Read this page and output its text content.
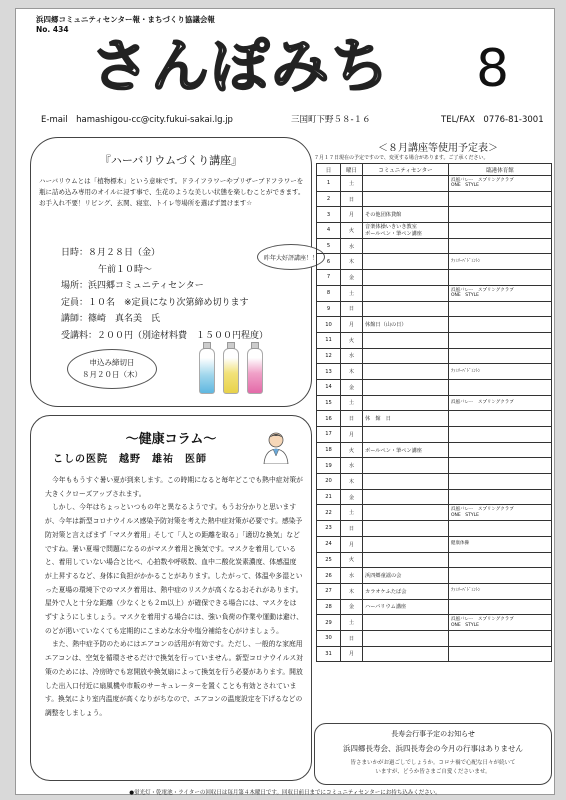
浜四郷コミュニティセンター報・まちづくり協議会報
No. 434
さんぽみち 8
E-mail　hamashigou-cc@city.fukui-sakai.lg.jp	三国町下野５８-１６	TEL/FAX　0776-81-3001
『ハーバリウムづくり講座』
ハーバリウムとは「植物標本」という意味です。ドライフラワーやプリザーブドフラワーを瓶に詰め込み専用のオイルに浸す事で、生花のような美しい状態を楽しむことができます。お手入れ不要！リビング、玄関、寝室、トイレ等場所を選ばず置けます☆
日時：８月２８日（金）
午前１０時〜
場所：浜四郷コミュニティセンター
定員：１０名　※定員になり次第締め切ります
講師：篠崎　真名美　氏
受講料：２００円（別途材料費　１５００円程度）
昨年大好評講座！！
申込み締切日
８月２０日（木）
〜健康コラム〜
こしの医院　越野　雄祐　医師

今年ももうすぐ暑い夏が到来します。この時期になると毎年どこでも熱中症対策が大きくクローズアップされます。

しかし、今年はちょっといつもの年と異なるようです。もうお分かりと思いますが、今年は新型コロナウイルス感染予防対策を考えた熱中症対策が必要です。感染予防対策と言えばまず「マスク着用」そして「人との距離を取る」「適切な換気」などですね。暑い夏場で問題になるのがマスク着用と換気です。マスクを着用していると、着用していない場合と比べ、心拍数や呼吸数、血中二酸化炭素濃度、体感温度が上昇するなど、身体に負担がかかることがあります。したがって、体温や多湿といった夏場の環境下でのマスク着用は、熱中症のリスクが高くなるおそれがあります。屋外で人と十分な距離（少なくとも２ｍ以上）が確保できる場合には、マスクをはずすようにしましょう。マスクを着用する場合には、強い負荷の作業や運動は避け、のどが渇いていなくても定期的にこまめな水分や塩分補給を心がけましょう。

また、熱中症予防のためにはエアコンの活用が有効です。ただし、一般的な家庭用エアコンは、空気を循環させるだけで換気を行っていません。新型コロナウイルス対策のためには、冷房時でも窓開放や換気扇によって換気を行う必要があります。開放した出入口付近に扇風機や市販のサーキュレーターを置くことも有効とされています。換気により室内温度が高くなりがちなので、エアコンの温度設定を下げるなどの調整をしましょう。

＜８月講座等使用予定表＞
７月１７日現在の予定ですので、変更する場合があります。ご了承ください。
日	曜日	コミュニティセンター	臨港体育館
1	土		浜風バレー　スプリングクラブ
ONE　STYLE
2	日		
3	月	その他団体貸館	
4	火	音楽体操いきいき教室
ボールペン・筆ペン講座	
5	水		
6	木		ﾌｧﾐﾘｰﾊﾞﾄﾞﾐﾝﾄﾝ
7	金		
8	土		浜風バレー　スプリングクラブ
ONE　STYLE
9	日		
10	月	休館日（山の日）	
11	火		
12	水		
13	木		ﾌｧﾐﾘｰﾊﾞﾄﾞﾐﾝﾄﾝ
14	金		
15	土		浜風バレー　スプリングクラブ
16	日	休　館　日	
17	月		
18	火	ボールペン・筆ペン講座	
19	水		
20	木		
21	金		
22	土		浜風バレー　スプリングクラブ
ONE　STYLE
23	日		
24	月		健康体操
25	火		
26	水	浜四郷童謡の会	
27	木	カラオケふたば会	ﾌｧﾐﾘｰﾊﾞﾄﾞﾐﾝﾄﾝ
28	金	ハーバリウム講座	
29	土		浜風バレー　スプリングクラブ
ONE　STYLE
30	日		
31	月		
長寿会行事予定のお知らせ
浜四郷長寿会、浜四長寿会の今月の行事はありません
皆さまいかがお過ごしでしょうか。コロナ禍で心配な日々が続いて
いますが、どうか皆さまご自愛くださいませ。
●蛍光灯・乾電池・ライターの回収日は毎月第４木曜日です。回収日前日までにコミュニティセンターにお持ち込みください。
